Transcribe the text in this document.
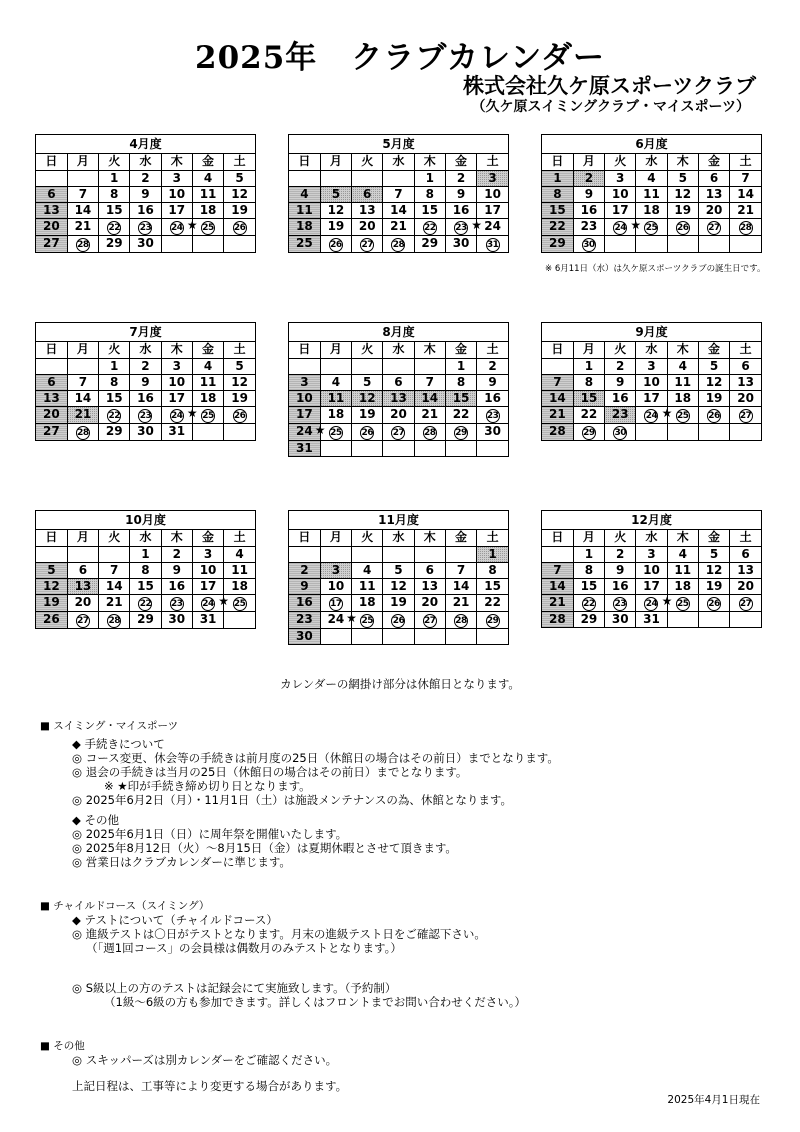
2025年 クラブカレンダー
株式会社久ケ原スポーツクラブ
（久ケ原スイミングクラブ・マイスポーツ）
4月度
日	月	火	水	木	金	土
		1	2	3	4	5
6	7	8	9	10	11	12
13	14	15	16	17	18	19
20	21	22	23	24	★ 25	26
27	28	29	30			
5月度
日	月	火	水	木	金	土
				1	2	3
4	5	6	7	8	9	10
11	12	13	14	15	16	17
18	19	20	21	22	23	★ 24
25	26	27	28	29	30	31
6月度
日	月	火	水	木	金	土
1	2	3	4	5	6	7
8	9	10	11	12	13	14
15	16	17	18	19	20	21
22	23	24	★ 25	26	27	28
29	30					
7月度
日	月	火	水	木	金	土
		1	2	3	4	5
6	7	8	9	10	11	12
13	14	15	16	17	18	19
20	21	22	23	24	★ 25	26
27	28	29	30	31		
8月度
日	月	火	水	木	金	土
					1	2
3	4	5	6	7	8	9
10	11	12	13	14	15	16
17	18	19	20	21	22	23
24	★ 25	26	27	28	29	30
31						
9月度
日	月	火	水	木	金	土
	1	2	3	4	5	6
7	8	9	10	11	12	13
14	15	16	17	18	19	20
21	22	23	24	★ 25	26	27
28	29	30				
10月度
日	月	火	水	木	金	土
			1	2	3	4
5	6	7	8	9	10	11
12	13	14	15	16	17	18
19	20	21	22	23	24	★ 25
26	27	28	29	30	31	
11月度
日	月	火	水	木	金	土
						1
2	3	4	5	6	7	8
9	10	11	12	13	14	15
16	17	18	19	20	21	22
23	24	★ 25	26	27	28	29
30						
12月度
日	月	火	水	木	金	土
	1	2	3	4	5	6
7	8	9	10	11	12	13
14	15	16	17	18	19	20
21	22	23	24	★ 25	26	27
28	29	30	31			
※ 6月11日（水）は久ケ原スポーツクラブの誕生日です。
カレンダーの網掛け部分は休館日となります。
■ スイミング・マイスポーツ
◆ 手続きについて
◎ コース変更、休会等の手続きは前月度の25日（休館日の場合はその前日）までとなります。
◎ 退会の手続きは当月の25日（休館日の場合はその前日）までとなります。
※ ★印が手続き締め切り日となります。
◎ 2025年6月2日（月）・11月1日（土）は施設メンテナンスの為、休館となります。
◆ その他
◎ 2025年6月1日（日）に周年祭を開催いたします。
◎ 2025年8月12日（火）～8月15日（金）は夏期休暇とさせて頂きます。
◎ 営業日はクラブカレンダーに準じます。
■ チャイルドコース（スイミング）
◆ テストについて（チャイルドコース）
◎ 進級テストは〇日がテストとなります。月末の進級テスト日をご確認下さい。
（「週1回コース」の会員様は偶数月のみテストとなります。）
◎ S級以上の方のテストは記録会にて実施致します。（予約制）
（1級～6級の方も参加できます。詳しくはフロントまでお問い合わせください。）
■ その他
◎ スキッパーズは別カレンダーをご確認ください。
上記日程は、工事等により変更する場合があります。
2025年4月1日現在
